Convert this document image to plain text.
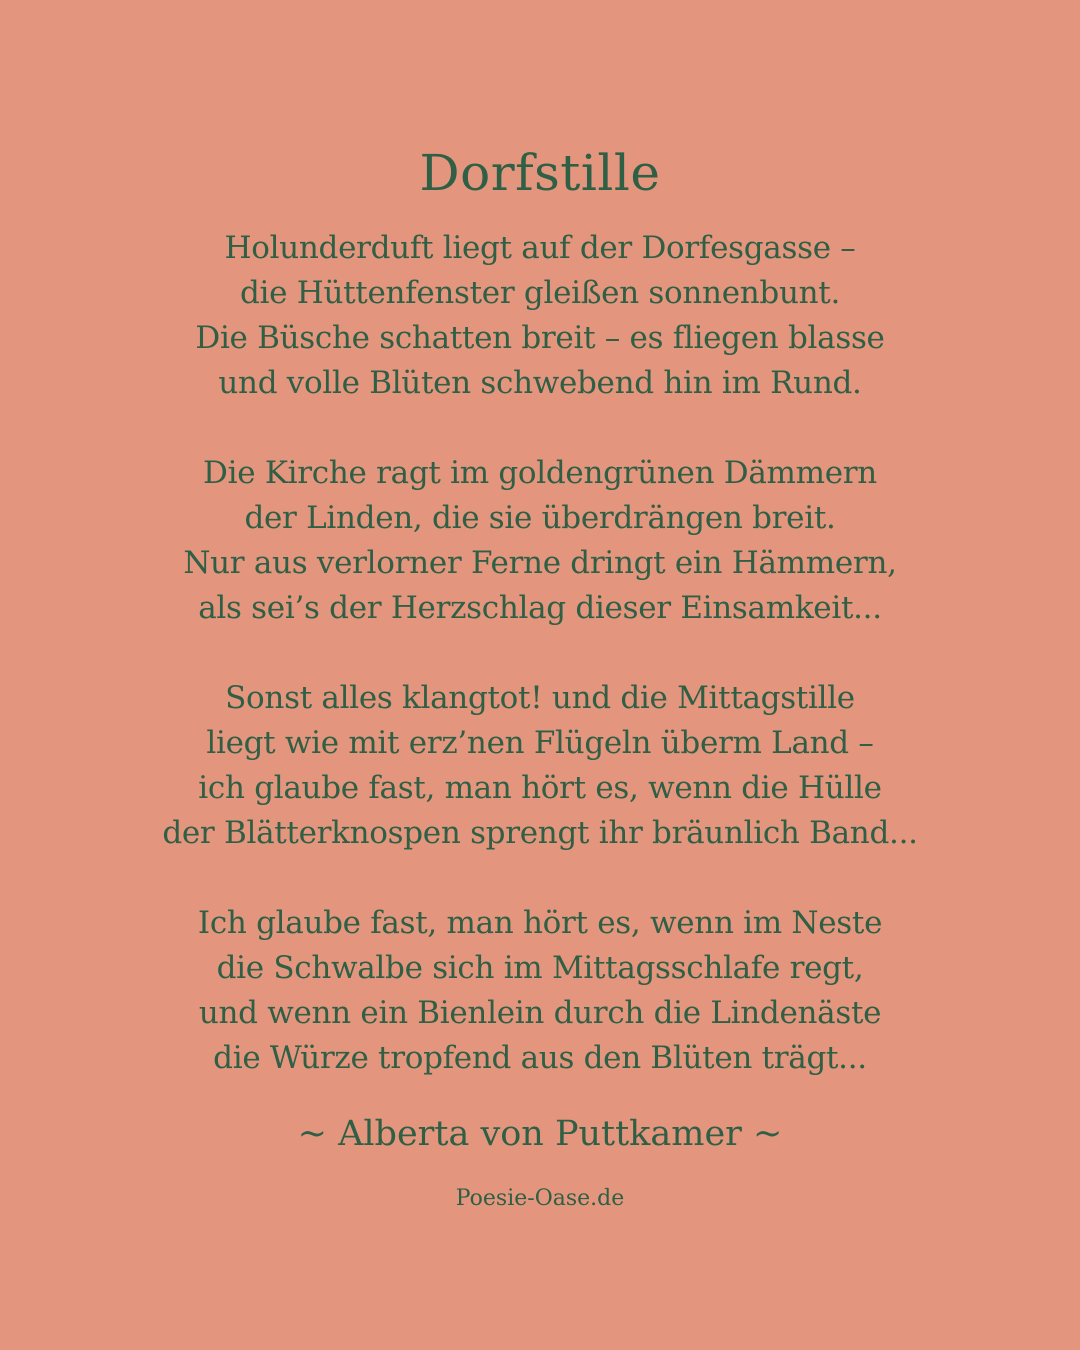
Dorfstille

Holunderduft liegt auf der Dorfesgasse –
die Hüttenfenster gleißen sonnenbunt.
Die Büsche schatten breit – es fliegen blasse
und volle Blüten schwebend hin im Rund.

Die Kirche ragt im goldengrünen Dämmern
der Linden, die sie überdrängen breit.
Nur aus verlorner Ferne dringt ein Hämmern,
als sei’s der Herzschlag dieser Einsamkeit...

Sonst alles klangtot! und die Mittagstille
liegt wie mit erz’nen Flügeln überm Land –
ich glaube fast, man hört es, wenn die Hülle
der Blätterknospen sprengt ihr bräunlich Band...

Ich glaube fast, man hört es, wenn im Neste
die Schwalbe sich im Mittagsschlafe regt,
und wenn ein Bienlein durch die Lindenäste
die Würze tropfend aus den Blüten trägt...

~ Alberta von Puttkamer ~
Poesie-Oase.de
